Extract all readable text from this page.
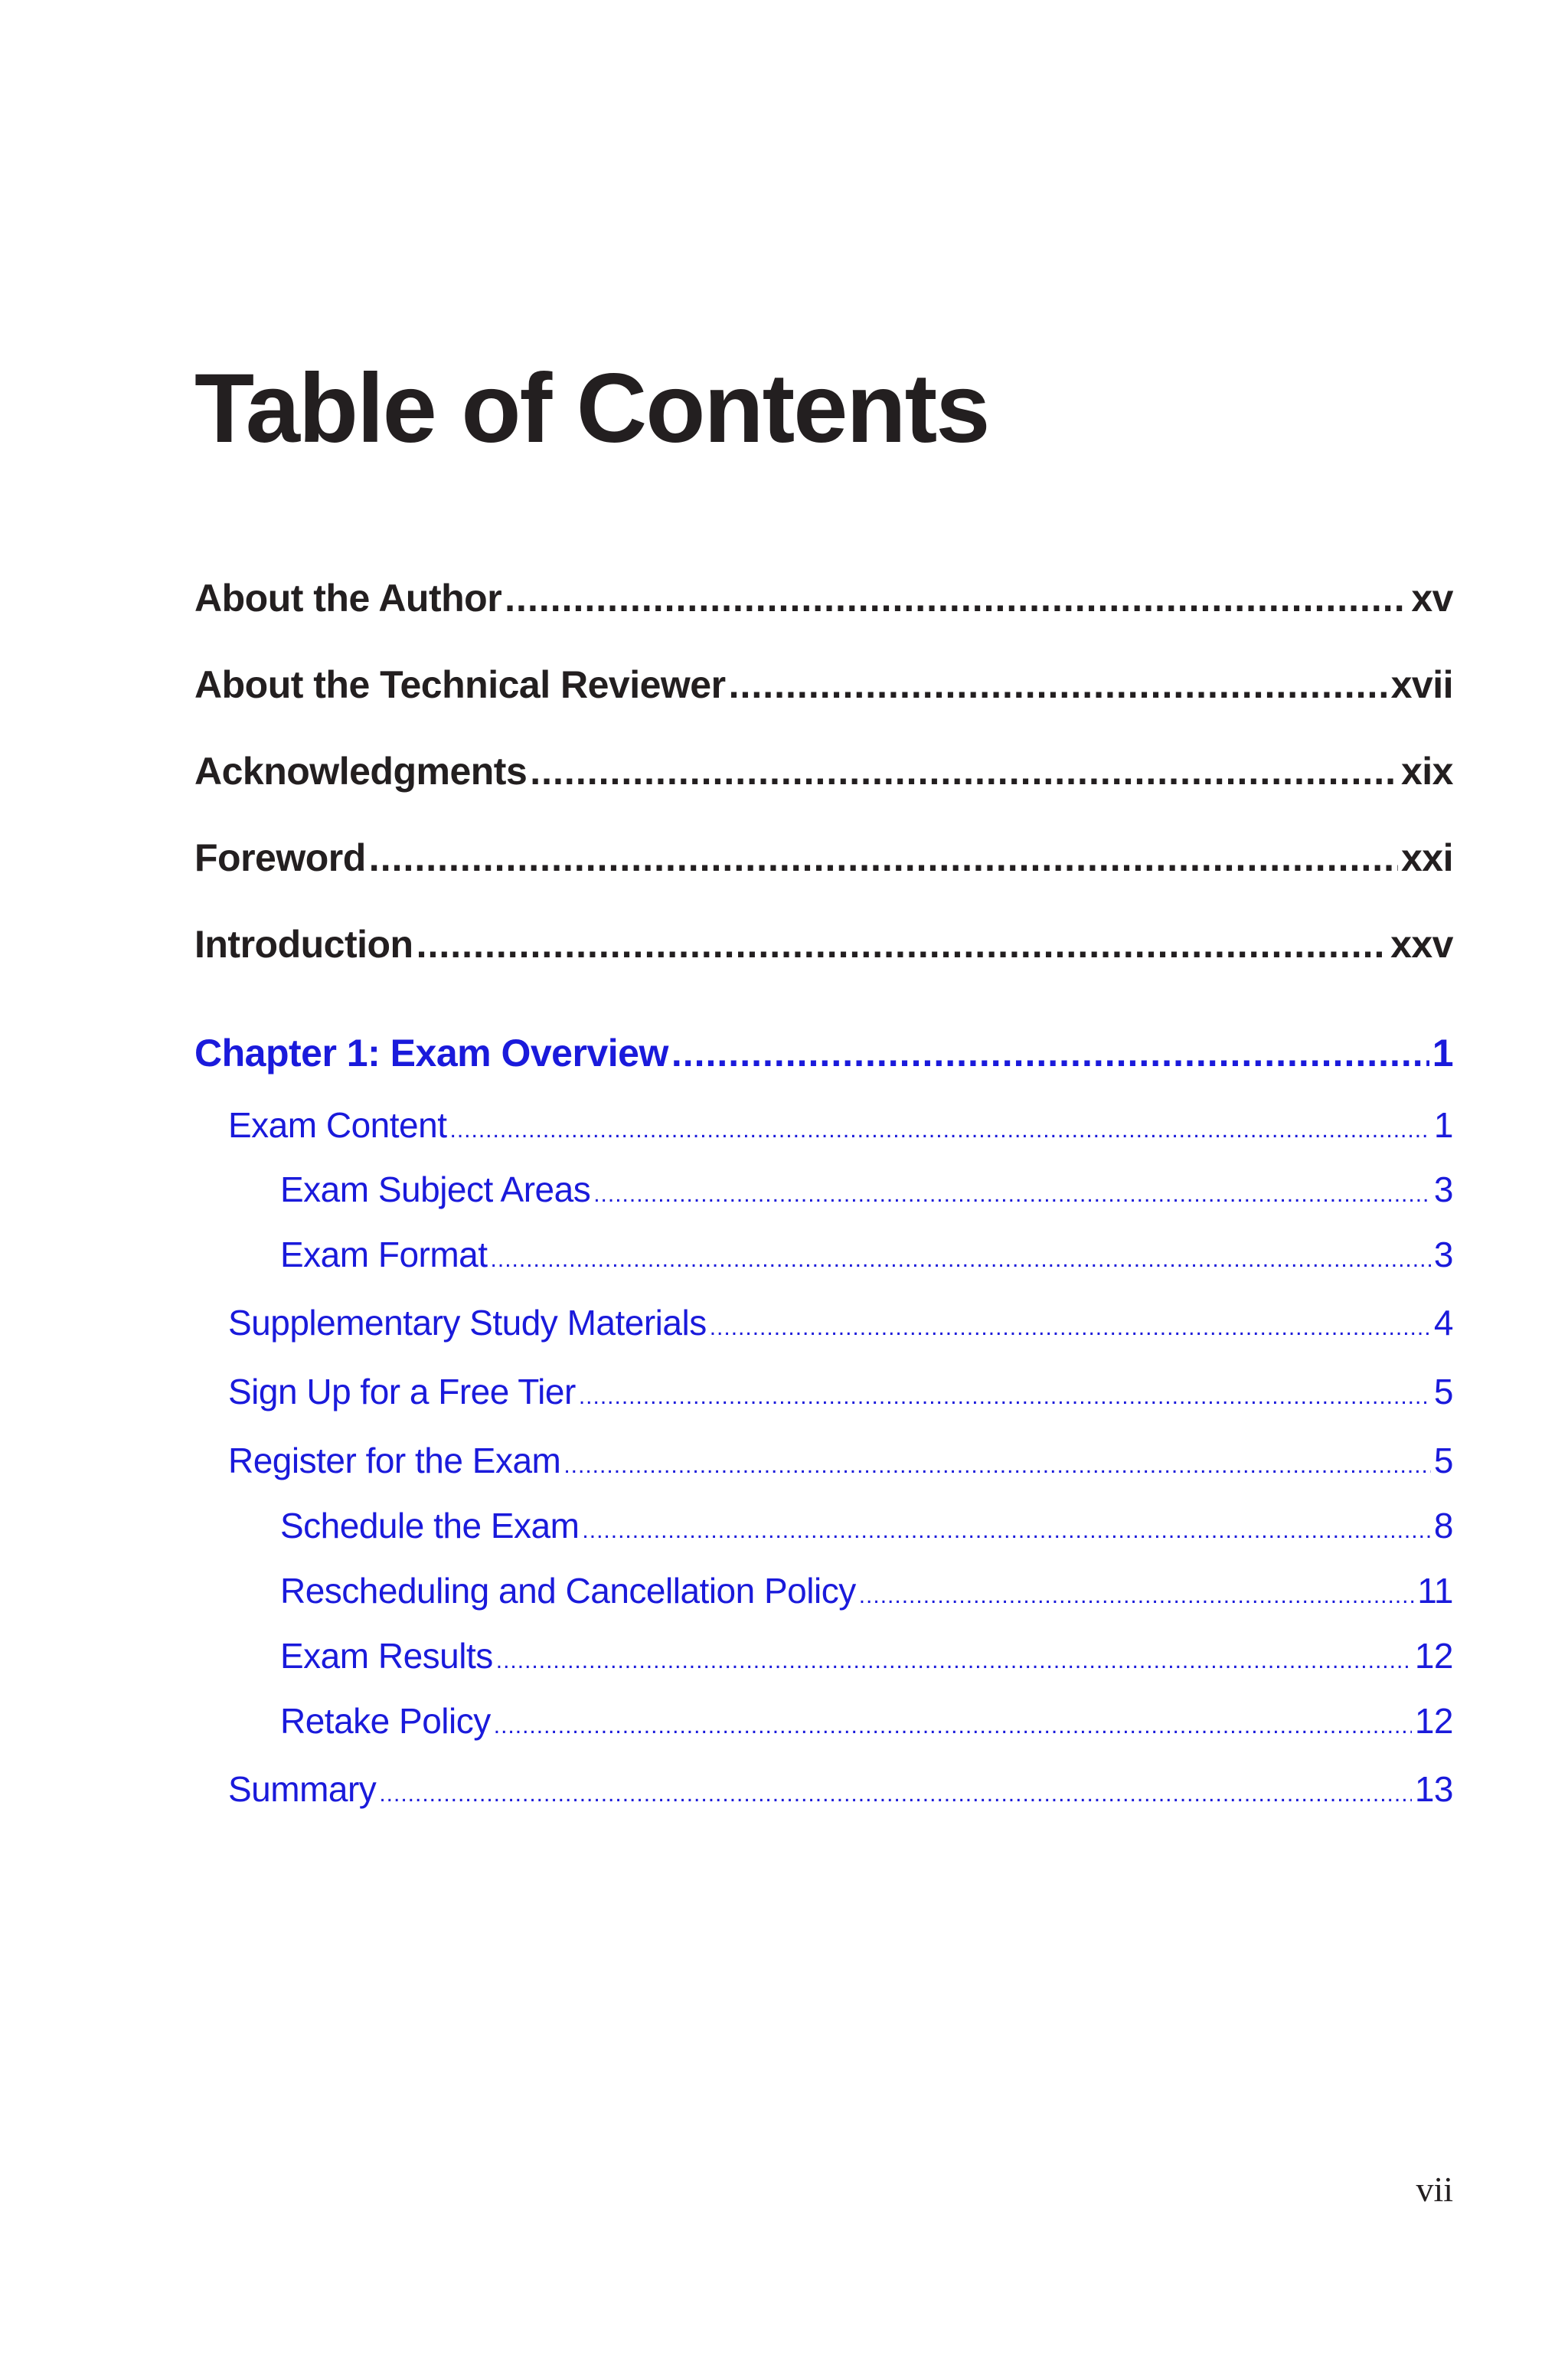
Table of Contents
About the Author .....	xv
About the Technical Reviewer .....	xvii
Acknowledgments .....	xix
Foreword .....	xxi
Introduction .....	xxv
Chapter 1: Exam Overview .....	1
Exam Content .....	1
Exam Subject Areas .....	3
Exam Format .....	3
Supplementary Study Materials .....	4
Sign Up for a Free Tier .....	5
Register for the Exam .....	5
Schedule the Exam .....	8
Rescheduling and Cancellation Policy .....	11
Exam Results .....	12
Retake Policy .....	12
Summary .....	13
vii
